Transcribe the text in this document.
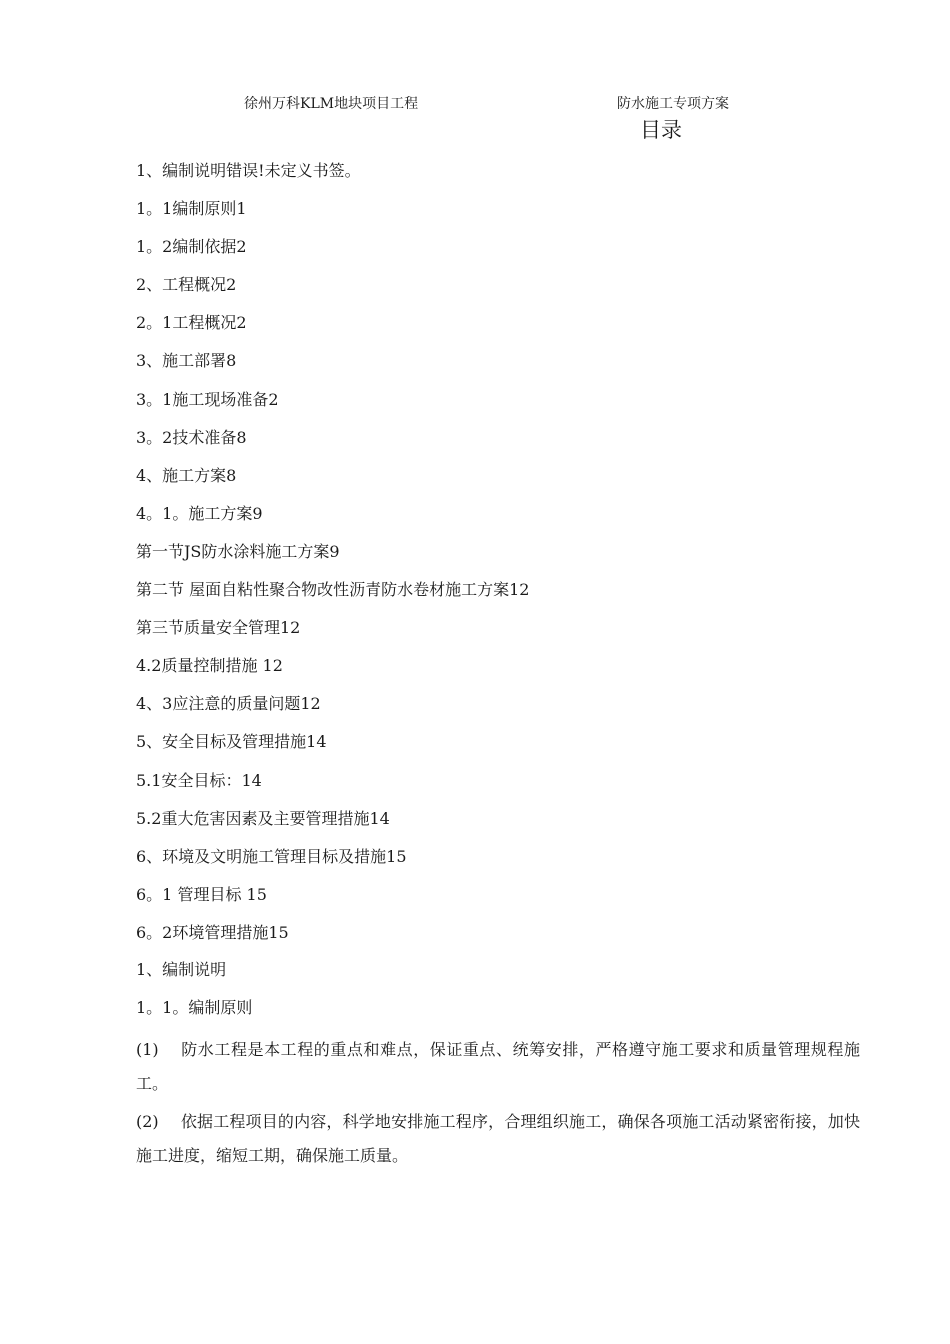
徐州万科KLM地块项目工程	防水施工专项方案
目录
1、编制说明错误!未定义书签。
1。1编制原则1
1。2编制依据2
2、工程概况2
2。1工程概况2
3、施工部署8
3。1施工现场准备2
3。2技术准备8
4、施工方案8
4。1。施工方案9
第一节JS防水涂料施工方案9
第二节 屋面自粘性聚合物改性沥青防水卷材施工方案12
第三节质量安全管理12
4.2质量控制措施 12
4、3应注意的质量问题12
5、安全目标及管理措施14
5.1安全目标：14
5.2重大危害因素及主要管理措施14
6、环境及文明施工管理目标及措施15
6。1 管理目标 15
6。2环境管理措施15
1、编制说明
1。1。编制原则

(1) 防水工程是本工程的重点和难点，保证重点、统筹安排，严格遵守施工要求和质量管理规程施工。

(2) 依据工程项目的内容，科学地安排施工程序，合理组织施工，确保各项施工活动紧密衔接，加快施工进度，缩短工期，确保施工质量。
